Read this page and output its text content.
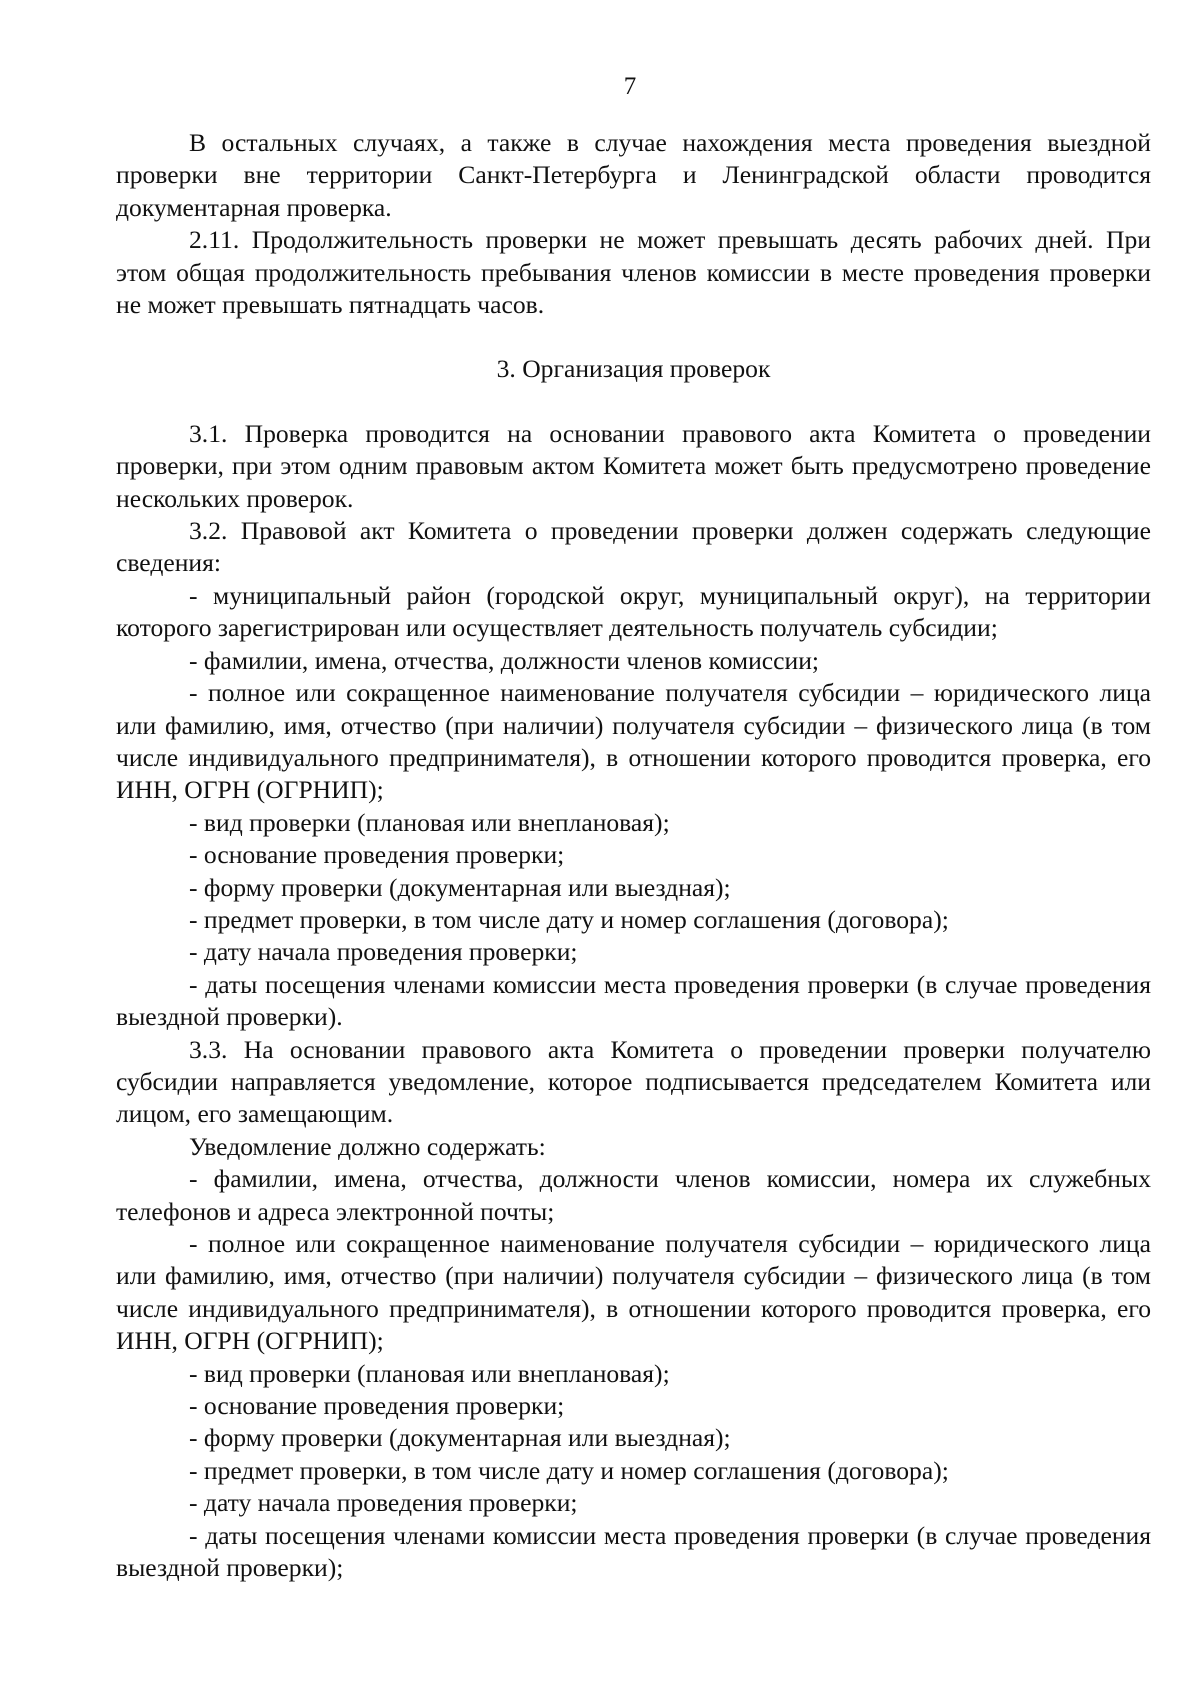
7

В остальных случаях, а также в случае нахождения места проведения выездной проверки вне территории Санкт-Петербурга и Ленинградской области проводится документарная проверка.

2.11. Продолжительность проверки не может превышать десять рабочих дней. При этом общая продолжительность пребывания членов комиссии в месте проведения проверки не может превышать пятнадцать часов.

3. Организация проверок

3.1. Проверка проводится на основании правового акта Комитета о проведении проверки, при этом одним правовым актом Комитета может быть предусмотрено проведение нескольких проверок.

3.2. Правовой акт Комитета о проведении проверки должен содержать следующие сведения:

- муниципальный район (городской округ, муниципальный округ), на территории которого зарегистрирован или осуществляет деятельность получатель субсидии;

- фамилии, имена, отчества, должности членов комиссии;

- полное или сокращенное наименование получателя субсидии – юридического лица или фамилию, имя, отчество (при наличии) получателя субсидии – физического лица (в том числе индивидуального предпринимателя), в отношении которого проводится проверка, его ИНН, ОГРН (ОГРНИП);

- вид проверки (плановая или внеплановая);

- основание проведения проверки;

- форму проверки (документарная или выездная);

- предмет проверки, в том числе дату и номер соглашения (договора);

- дату начала проведения проверки;

- даты посещения членами комиссии места проведения проверки (в случае проведения выездной проверки).

3.3. На основании правового акта Комитета о проведении проверки получателю субсидии направляется уведомление, которое подписывается председателем Комитета или лицом, его замещающим.

Уведомление должно содержать:

- фамилии, имена, отчества, должности членов комиссии, номера их служебных телефонов и адреса электронной почты;

- полное или сокращенное наименование получателя субсидии – юридического лица или фамилию, имя, отчество (при наличии) получателя субсидии – физического лица (в том числе индивидуального предпринимателя), в отношении которого проводится проверка, его ИНН, ОГРН (ОГРНИП);

- вид проверки (плановая или внеплановая);

- основание проведения проверки;

- форму проверки (документарная или выездная);

- предмет проверки, в том числе дату и номер соглашения (договора);

- дату начала проведения проверки;

- даты посещения членами комиссии места проведения проверки (в случае проведения выездной проверки);
